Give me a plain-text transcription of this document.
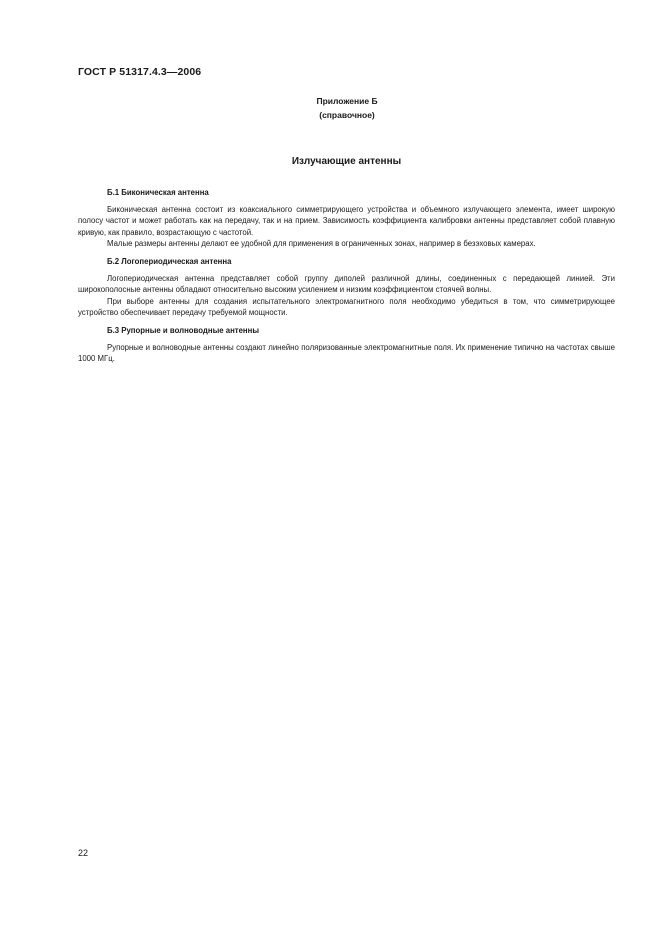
ГОСТ Р 51317.4.3—2006
Приложение Б
(справочное)
Излучающие антенны

Б.1 Биконическая антенна

Биконическая антенна состоит из коаксиального симметрирующего устройства и объемного излучающего элемента, имеет широкую полосу частот и может работать как на передачу, так и на прием. Зависимость коэффициента калибровки антенны представляет собой плавную кривую, как правило, возрастающую с частотой.

Малые размеры антенны делают ее удобной для применения в ограниченных зонах, например в безэховых камерах.

Б.2 Логопериодическая антенна

Логопериодическая антенна представляет собой группу диполей различной длины, соединенных с передающей линией. Эти широкополосные антенны обладают относительно высоким усилением и низким коэффициентом стоячей волны.

При выборе антенны для создания испытательного электромагнитного поля необходимо убедиться в том, что симметрирующее устройство обеспечивает передачу требуемой мощности.

Б.3 Рупорные и волноводные антенны

Рупорные и волноводные антенны создают линейно поляризованные электромагнитные поля. Их применение типично на частотах свыше 1000 МГц.

22
